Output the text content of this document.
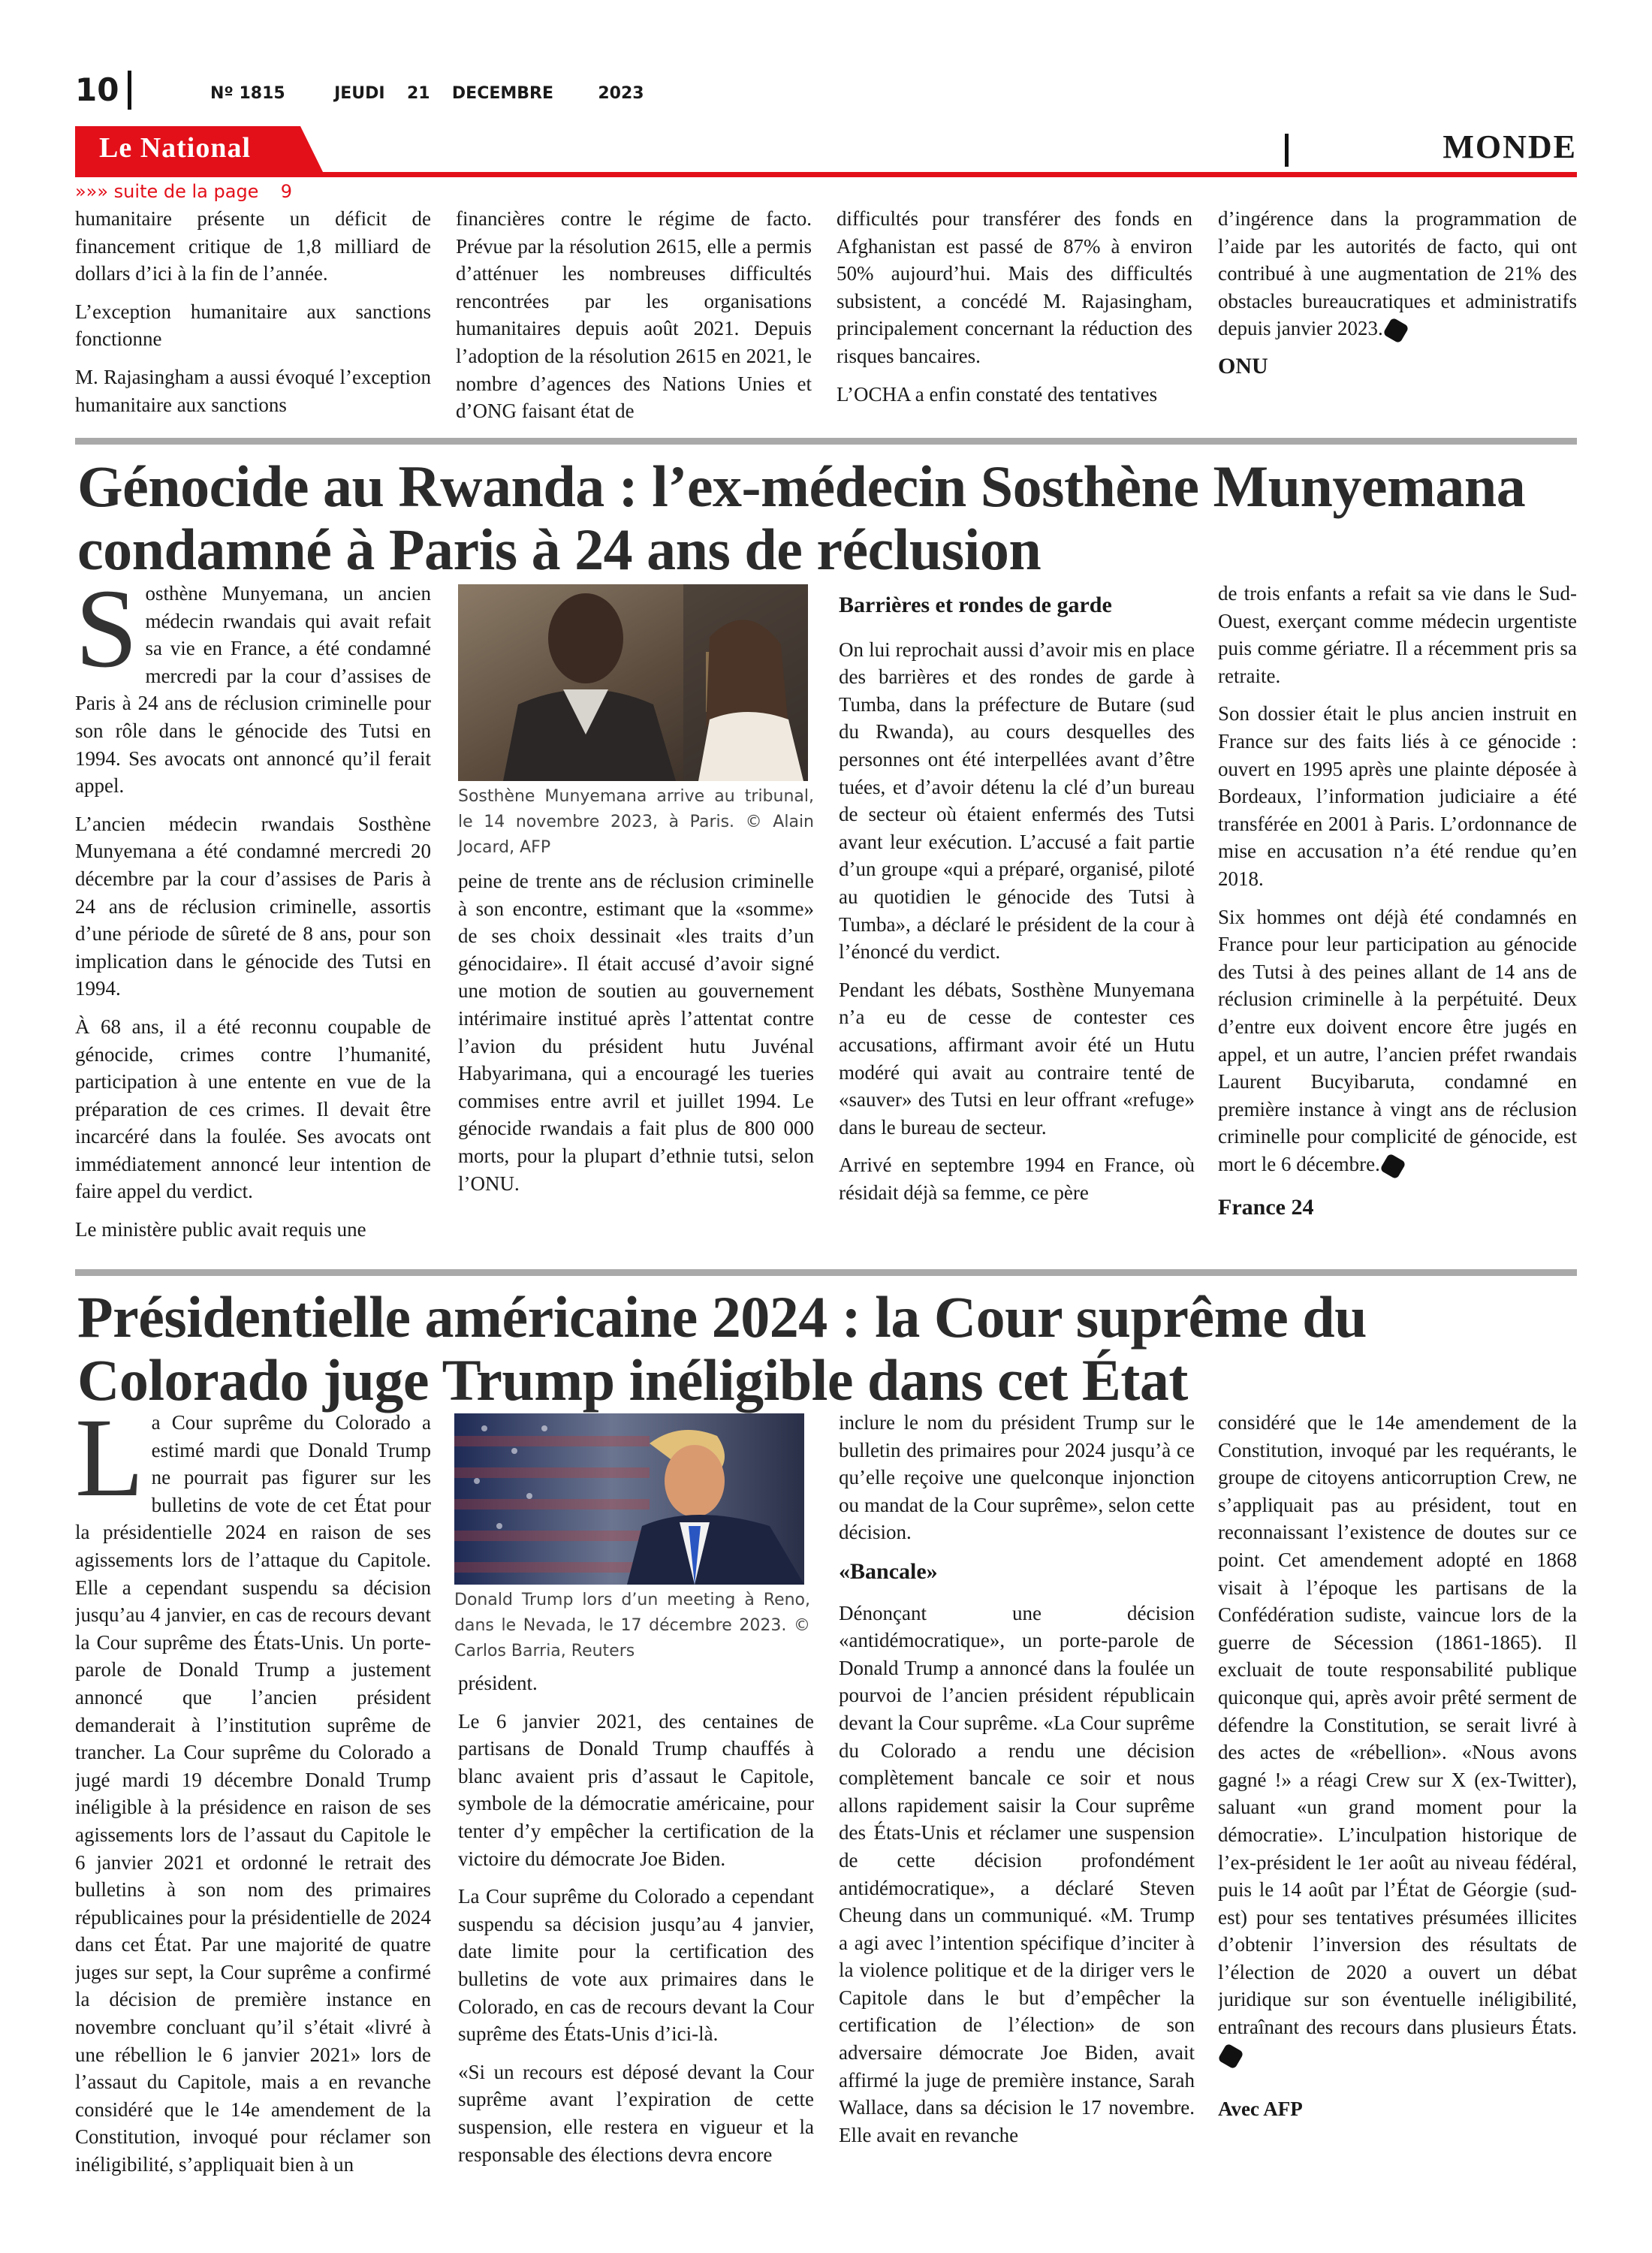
10	Nº 1815	JEUDI 21 DECEMBRE	2023
Le National	MONDE
»»» suite de la page 9

humanitaire présente un déficit de financement critique de 1,8 milliard de dollars d’ici à la fin de l’année.

L’exception humanitaire aux sanctions fonctionne

M. Rajasingham a aussi évoqué l’exception humanitaire aux sanctions

financières contre le régime de facto. Prévue par la résolution 2615, elle a permis d’atténuer les nombreuses difficultés rencontrées par les organisations humanitaires depuis août 2021. Depuis l’adoption de la résolution 2615 en 2021, le nombre d’agences des Nations Unies et d’ONG faisant état de

difficultés pour transférer des fonds en Afghanistan est passé de 87% à environ 50% aujourd’hui. Mais des difficultés subsistent, a concédé M. Rajasingham, principalement concernant la réduction des risques bancaires.

L’OCHA a enfin constaté des tentatives

d’ingérence dans la programmation de l’aide par les autorités de facto, qui ont contribué à une augmentation de 21% des obstacles bureaucratiques et administratifs depuis janvier 2023.

ONU
Génocide au Rwanda : l’ex-médecin Sosthène Munyemana condamné à Paris à 24 ans de réclusion

Sosthène Munyemana, un ancien médecin rwandais qui avait refait sa vie en France, a été condamné mercredi par la cour d’assises de Paris à 24 ans de réclusion criminelle pour son rôle dans le génocide des Tutsi en 1994. Ses avocats ont annoncé qu’il ferait appel.

L’ancien médecin rwandais Sosthène Munyemana a été condamné mercredi 20 décembre par la cour d’assises de Paris à 24 ans de réclusion criminelle, assortis d’une période de sûreté de 8 ans, pour son implication dans le génocide des Tutsi en 1994.

À 68 ans, il a été reconnu coupable de génocide, crimes contre l’humanité, participation à une entente en vue de la préparation de ces crimes. Il devait être incarcéré dans la foulée. Ses avocats ont immédiatement annoncé leur intention de faire appel du verdict.

Le ministère public avait requis une

Sosthène Munyemana arrive au tribunal, le 14 novembre 2023, à Paris. © Alain Jocard, AFP

peine de trente ans de réclusion criminelle à son encontre, estimant que la «somme» de ses choix dessinait «les traits d’un génocidaire». Il était accusé d’avoir signé une motion de soutien au gouvernement intérimaire institué après l’attentat contre l’avion du président hutu Juvénal Habyarimana, qui a encouragé les tueries commises entre avril et juillet 1994. Le génocide rwandais a fait plus de 800 000 morts, pour la plupart d’ethnie tutsi, selon l’ONU.

Barrières et rondes de garde

On lui reprochait aussi d’avoir mis en place des barrières et des rondes de garde à Tumba, dans la préfecture de Butare (sud du Rwanda), au cours desquelles des personnes ont été interpellées avant d’être tuées, et d’avoir détenu la clé d’un bureau de secteur où étaient enfermés des Tutsi avant leur exécution. L’accusé a fait partie d’un groupe «qui a préparé, organisé, piloté au quotidien le génocide des Tutsi à Tumba», a déclaré le président de la cour à l’énoncé du verdict.

Pendant les débats, Sosthène Munyemana n’a eu de cesse de contester ces accusations, affirmant avoir été un Hutu modéré qui avait au contraire tenté de «sauver» des Tutsi en leur offrant «refuge» dans le bureau de secteur.

Arrivé en septembre 1994 en France, où résidait déjà sa femme, ce père

de trois enfants a refait sa vie dans le Sud-Ouest, exerçant comme médecin urgentiste puis comme gériatre. Il a récemment pris sa retraite.

Son dossier était le plus ancien instruit en France sur des faits liés à ce génocide : ouvert en 1995 après une plainte déposée à Bordeaux, l’information judiciaire a été transférée en 2001 à Paris. L’ordonnance de mise en accusation n’a été rendue qu’en 2018.

Six hommes ont déjà été condamnés en France pour leur participation au génocide des Tutsi à des peines allant de 14 ans de réclusion criminelle à la perpétuité. Deux d’entre eux doivent encore être jugés en appel, et un autre, l’ancien préfet rwandais Laurent Bucyibaruta, condamné en première instance à vingt ans de réclusion criminelle pour complicité de génocide, est mort le 6 décembre.

France 24
Présidentielle américaine 2024 : la Cour suprême du Colorado juge Trump inéligible dans cet État

La Cour suprême du Colorado a estimé mardi que Donald Trump ne pourrait pas figurer sur les bulletins de vote de cet État pour la présidentielle 2024 en raison de ses agissements lors de l’attaque du Capitole. Elle a cependant suspendu sa décision jusqu’au 4 janvier, en cas de recours devant la Cour suprême des États-Unis. Un porte-parole de Donald Trump a justement annoncé que l’ancien président demanderait à l’institution suprême de trancher. La Cour suprême du Colorado a jugé mardi 19 décembre Donald Trump inéligible à la présidence en raison de ses agissements lors de l’assaut du Capitole le 6 janvier 2021 et ordonné le retrait des bulletins à son nom des primaires républicaines pour la présidentielle de 2024 dans cet État. Par une majorité de quatre juges sur sept, la Cour suprême a confirmé la décision de première instance en novembre concluant qu’il s’était «livré à une rébellion le 6 janvier 2021» lors de l’assaut du Capitole, mais a en revanche considéré que le 14e amendement de la Constitution, invoqué pour réclamer son inéligibilité, s’appliquait bien à un

Donald Trump lors d’un meeting à Reno, dans le Nevada, le 17 décembre 2023. © Carlos Barria, Reuters

président.

Le 6 janvier 2021, des centaines de partisans de Donald Trump chauffés à blanc avaient pris d’assaut le Capitole, symbole de la démocratie américaine, pour tenter d’y empêcher la certification de la victoire du démocrate Joe Biden.

La Cour suprême du Colorado a cependant suspendu sa décision jusqu’au 4 janvier, date limite pour la certification des bulletins de vote aux primaires dans le Colorado, en cas de recours devant la Cour suprême des États-Unis d’ici-là.

«Si un recours est déposé devant la Cour suprême avant l’expiration de cette suspension, elle restera en vigueur et la responsable des élections devra encore

inclure le nom du président Trump sur le bulletin des primaires pour 2024 jusqu’à ce qu’elle reçoive une quelconque injonction ou mandat de la Cour suprême», selon cette décision.

«Bancale»

Dénonçant une décision «antidémocratique», un porte-parole de Donald Trump a annoncé dans la foulée un pourvoi de l’ancien président républicain devant la Cour suprême. «La Cour suprême du Colorado a rendu une décision complètement bancale ce soir et nous allons rapidement saisir la Cour suprême des États-Unis et réclamer une suspension de cette décision profondément antidémocratique», a déclaré Steven Cheung dans un communiqué. «M. Trump a agi avec l’intention spécifique d’inciter à la violence politique et de la diriger vers le Capitole dans le but d’empêcher la certification de l’élection» de son adversaire démocrate Joe Biden, avait affirmé la juge de première instance, Sarah Wallace, dans sa décision le 17 novembre. Elle avait en revanche

considéré que le 14e amendement de la Constitution, invoqué par les requérants, le groupe de citoyens anticorruption Crew, ne s’appliquait pas au président, tout en reconnaissant l’existence de doutes sur ce point. Cet amendement adopté en 1868 visait à l’époque les partisans de la Confédération sudiste, vaincue lors de la guerre de Sécession (1861-1865). Il excluait de toute responsabilité publique quiconque qui, après avoir prêté serment de défendre la Constitution, se serait livré à des actes de «rébellion». «Nous avons gagné !» a réagi Crew sur X (ex-Twitter), saluant «un grand moment pour la démocratie». L’inculpation historique de l’ex-président le 1er août au niveau fédéral, puis le 14 août par l’État de Géorgie (sud-est) pour ses tentatives présumées illicites d’obtenir l’inversion des résultats de l’élection de 2020 a ouvert un débat juridique sur son éventuelle inéligibilité, entraînant des recours dans plusieurs États.

Avec AFP
